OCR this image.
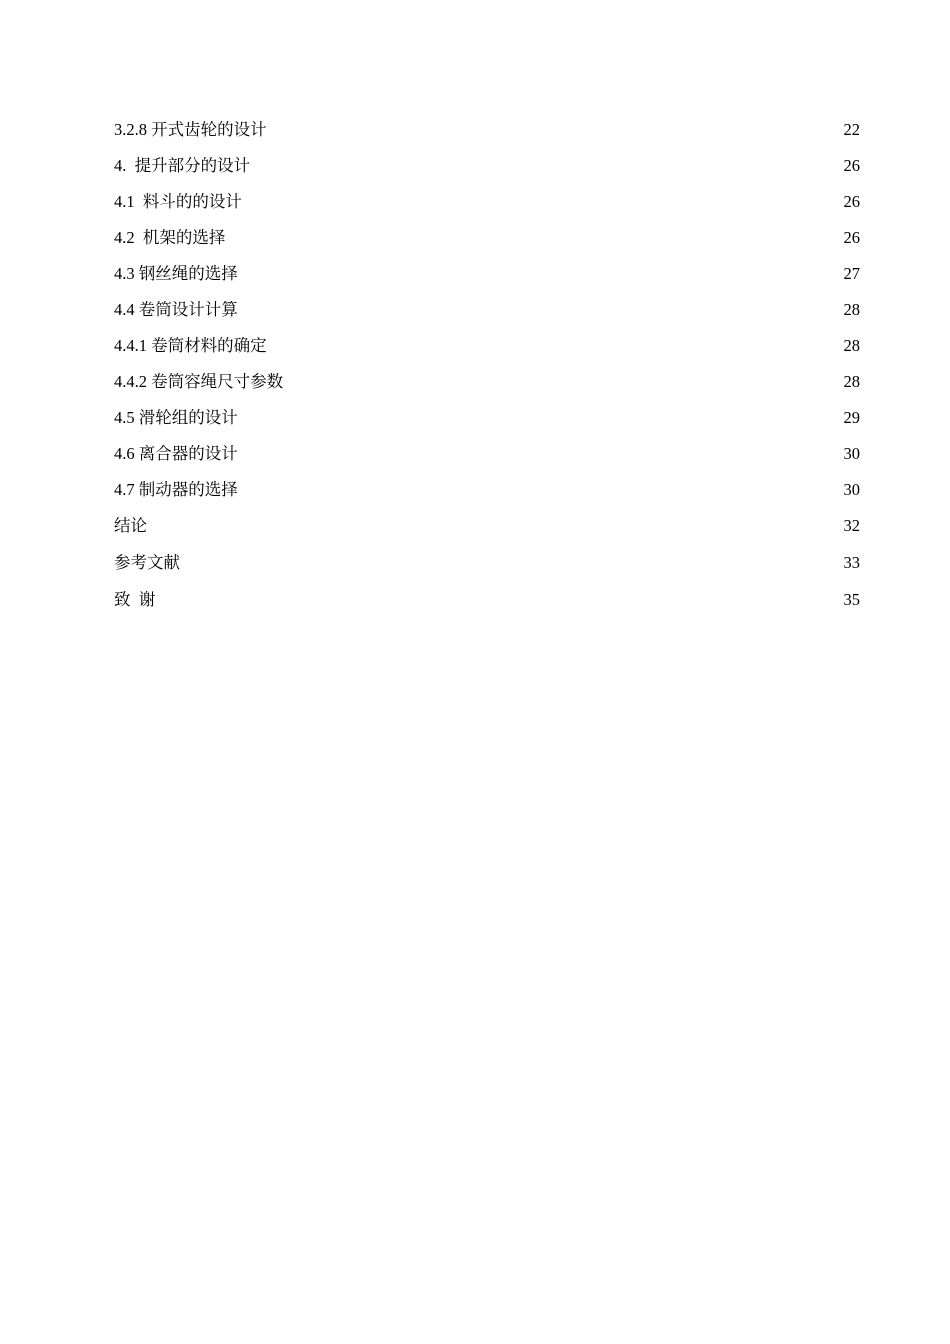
3.2.8 开式齿轮的设计 . . .	22
4.  提升部分的设计 . . .	26
4.1  料斗的的设计 . . .	26
4.2  机架的选择 . . .	26
4.3 钢丝绳的选择 . . .	27
4.4 卷筒设计计算 . . .	28
4.4.1 卷筒材料的确定 . . .	28
4.4.2 卷筒容绳尺寸参数 . . .	28
4.5 滑轮组的设计 . . .	29
4.6 离合器的设计 . . .	30
4.7 制动器的选择 . . .	30
结论 . . .	32
参考文献 .....	33
致  谢 .....	35
